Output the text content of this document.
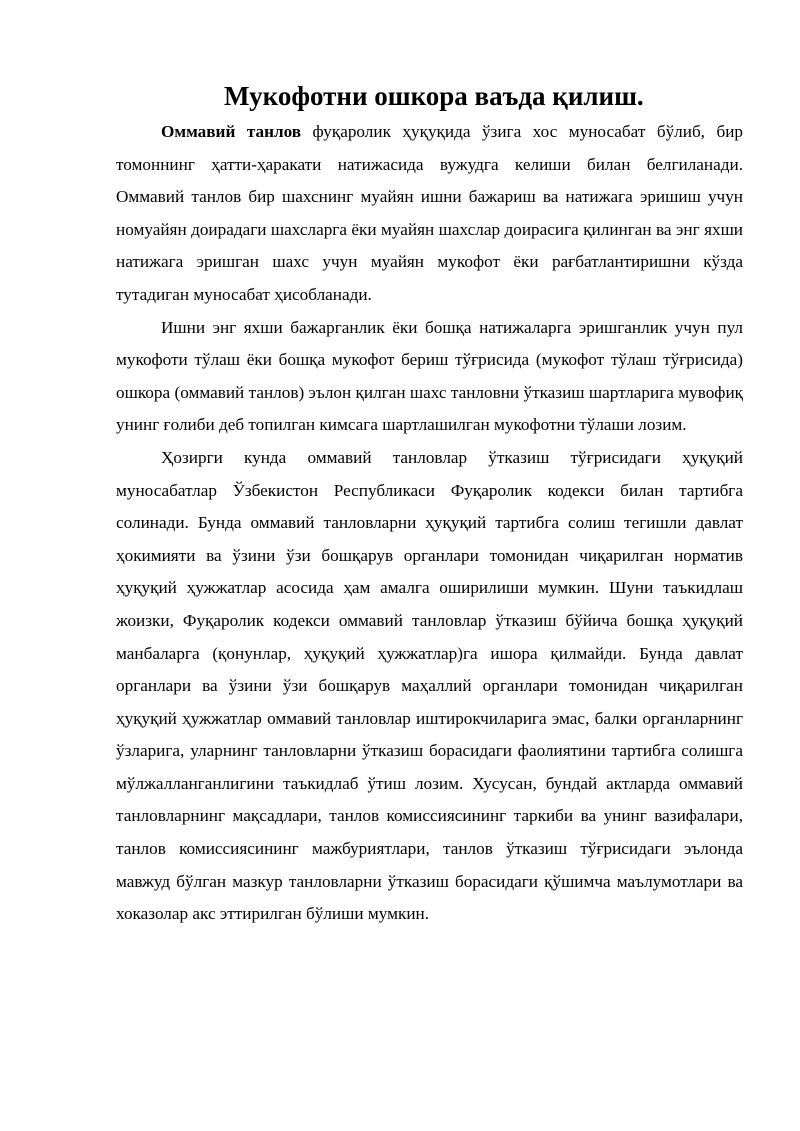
Мукофотни ошкора ваъда қилиш.

Оммавий танлов фуқаролик ҳуқуқида ўзига хос муносабат бўлиб, бир томоннинг ҳатти-ҳаракати натижасида вужудга келиши билан белгиланади. Оммавий танлов бир шахснинг муайян ишни бажариш ва натижага эришиш учун номуайян доирадаги шахсларга ёки муайян шахслар доирасига қилинган ва энг яхши натижага эришган шахс учун муайян мукофот ёки рағбатлантиришни кўзда тутадиган муносабат ҳисобланади.

Ишни энг яхши бажарганлик ёки бошқа натижаларга эришганлик учун пул мукофоти тўлаш ёки бошқа мукофот бериш тўғрисида (мукофот тўлаш тўғрисида) ошкора (оммавий танлов) эълон қилган шахс танловни ўтказиш шартларига мувофиқ унинг ғолиби деб топилган кимсага шартлашилган мукофотни тўлаши лозим.

Ҳозирги кунда оммавий танловлар ўтказиш тўғрисидаги ҳуқуқий муносабатлар Ўзбекистон Республикаси Фуқаролик кодекси билан тартибга солинади. Бунда оммавий танловларни ҳуқуқий тартибга солиш тегишли давлат ҳокимияти ва ўзини ўзи бошқарув органлари томонидан чиқарилган норматив ҳуқуқий ҳужжатлар асосида ҳам амалга оширилиши мумкин. Шуни таъкидлаш жоизки, Фуқаролик кодекси оммавий танловлар ўтказиш бўйича бошқа ҳуқуқий манбаларга (қонунлар, ҳуқуқий ҳужжатлар)га ишора қилмайди. Бунда давлат органлари ва ўзини ўзи бошқарув маҳаллий органлари томонидан чиқарилган ҳуқуқий ҳужжатлар оммавий танловлар иштирокчиларига эмас, балки органларнинг ўзларига, уларнинг танловларни ўтказиш борасидаги фаолиятини тартибга солишга мўлжалланганлигини таъкидлаб ўтиш лозим. Хусусан, бундай актларда оммавий танловларнинг мақсадлари, танлов комиссиясининг таркиби ва унинг вазифалари, танлов комиссиясининг мажбуриятлари, танлов ўтказиш тўғрисидаги эълонда мавжуд бўлган мазкур танловларни ўтказиш борасидаги қўшимча маълумотлари ва хоказолар акс эттирилган бўлиши мумкин.
